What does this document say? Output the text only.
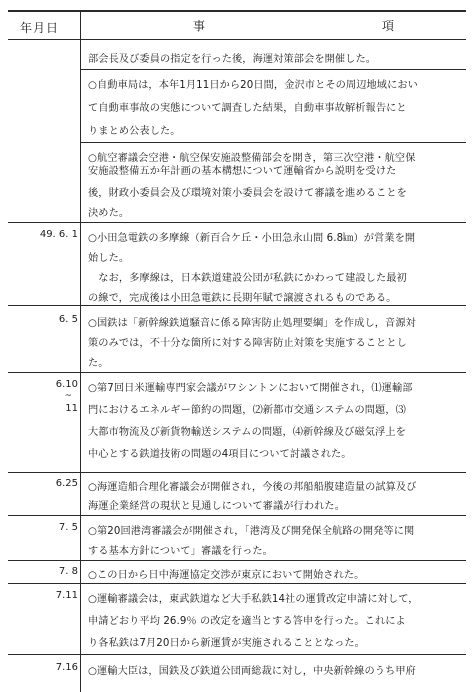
年月日	事	項
部会長及び委員の指定を行った後，海運対策部会を開催した。
○自動車局は，本年1月11日から20日間，金沢市とその周辺地域におい
て自動車事故の実態について調査した結果，自動車事故解析報告にと
りまとめ公表した。
○航空審議会空港・航空保安施設整備部会を開き，第三次空港・航空保
安施設整備五か年計画の基本構想について運輸省から説明を受けた
後，財政小委員会及び環境対策小委員会を設けて審議を進めることを
決めた。
49. 6. 1 ○小田急電鉄の多摩線（新百合ケ丘・小田急永山間 6.8㎞）が営業を開
始した。
　なお，多摩線は，日本鉄道建設公団が私鉄にかわって建設した最初
の線で，完成後は小田急電鉄に長期年賦で譲渡されるものである。
6. 5 ○国鉄は「新幹線鉄道騒音に係る障害防止処理要綱」を作成し，音源対
策のみでは，不十分な箇所に対する障害防止対策を実施することとし
た。
6.10
~
11
○第7回日米運輸専門家会議がワシントンにおいて開催され，⑴運輸部
門におけるエネルギー節約の問題，⑵新都市交通システムの問題，⑶
大都市物流及び新貨物輸送システムの問題，⑷新幹線及び磁気浮上を
中心とする鉄道技術の問題の4項目について討議された。
6.25 ○海運造船合理化審議会が開催され，今後の邦船船腹建造量の試算及び
海運企業経営の現状と見通しについて審議が行われた。
7. 5 ○第20回港湾審議会が開催され，「港湾及び開発保全航路の開発等に関
する基本方針について」審議を行った。
7. 8 ○この日から日中海運協定交渉が東京において開始された。
7.11 ○運輸審議会は，東武鉄道など大手私鉄14社の運賃改定申請に対して，
申請どおり平均 26.9％ の改定を適当とする答申を行った。これによ
り各私鉄は7月20日から新運賃が実施されることとなった。
7.16 ○運輸大臣は，国鉄及び鉄道公団両総裁に対し，中央新幹線のうち甲府
